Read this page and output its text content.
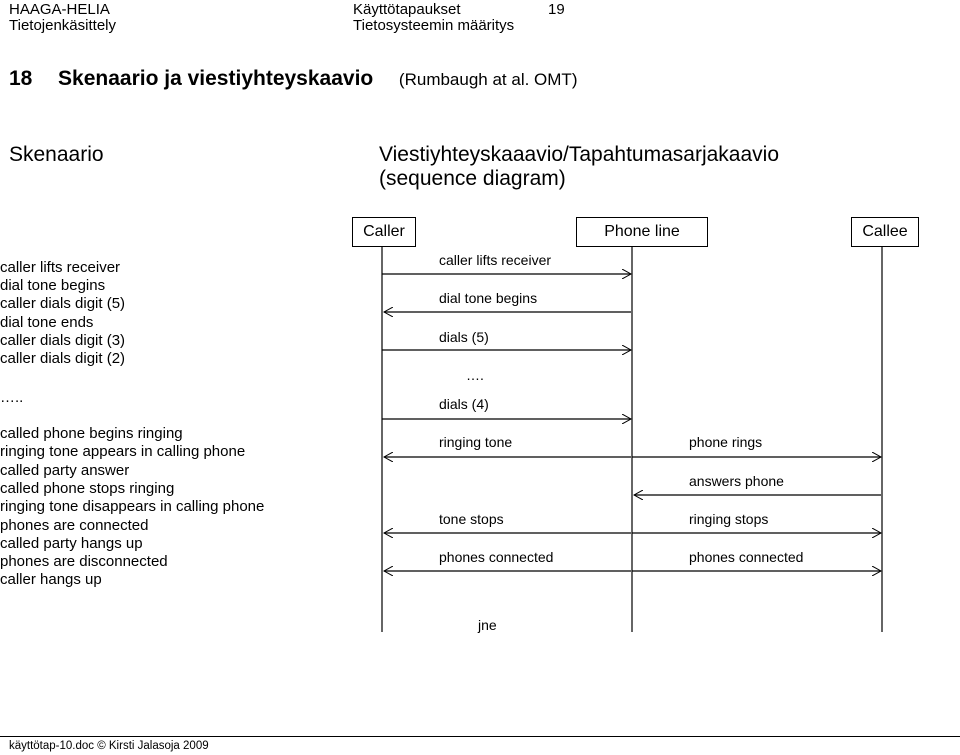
HAAGA-HELIA
Tietojenkäsittely
Käyttötapaukset
Tietosysteemin määritys
19
18 Skenaario ja viestiyhteyskaavio (Rumbaugh at al. OMT)
Skenaario	Viestiyhteyskaaavio/Tapahtumasarjakaavio
(sequence diagram)
caller lifts receiver
dial tone begins
caller dials digit (5)
dial tone ends
caller dials digit (3)
caller dials digit (2)
…..
called phone begins ringing
ringing tone appears in calling phone
called party answer
called phone stops ringing
ringing tone disappears in calling phone
phones are connected
called party hangs up
phones are disconnected
caller hangs up
Caller	Phone line	Callee
caller lifts receiver
dial tone begins
dials (5)
….
dials (4)
ringing tone	phone rings
answers phone
tone stops	ringing stops
phones connected	phones connected
jne
käyttötap-10.doc © Kirsti Jalasoja 2009
